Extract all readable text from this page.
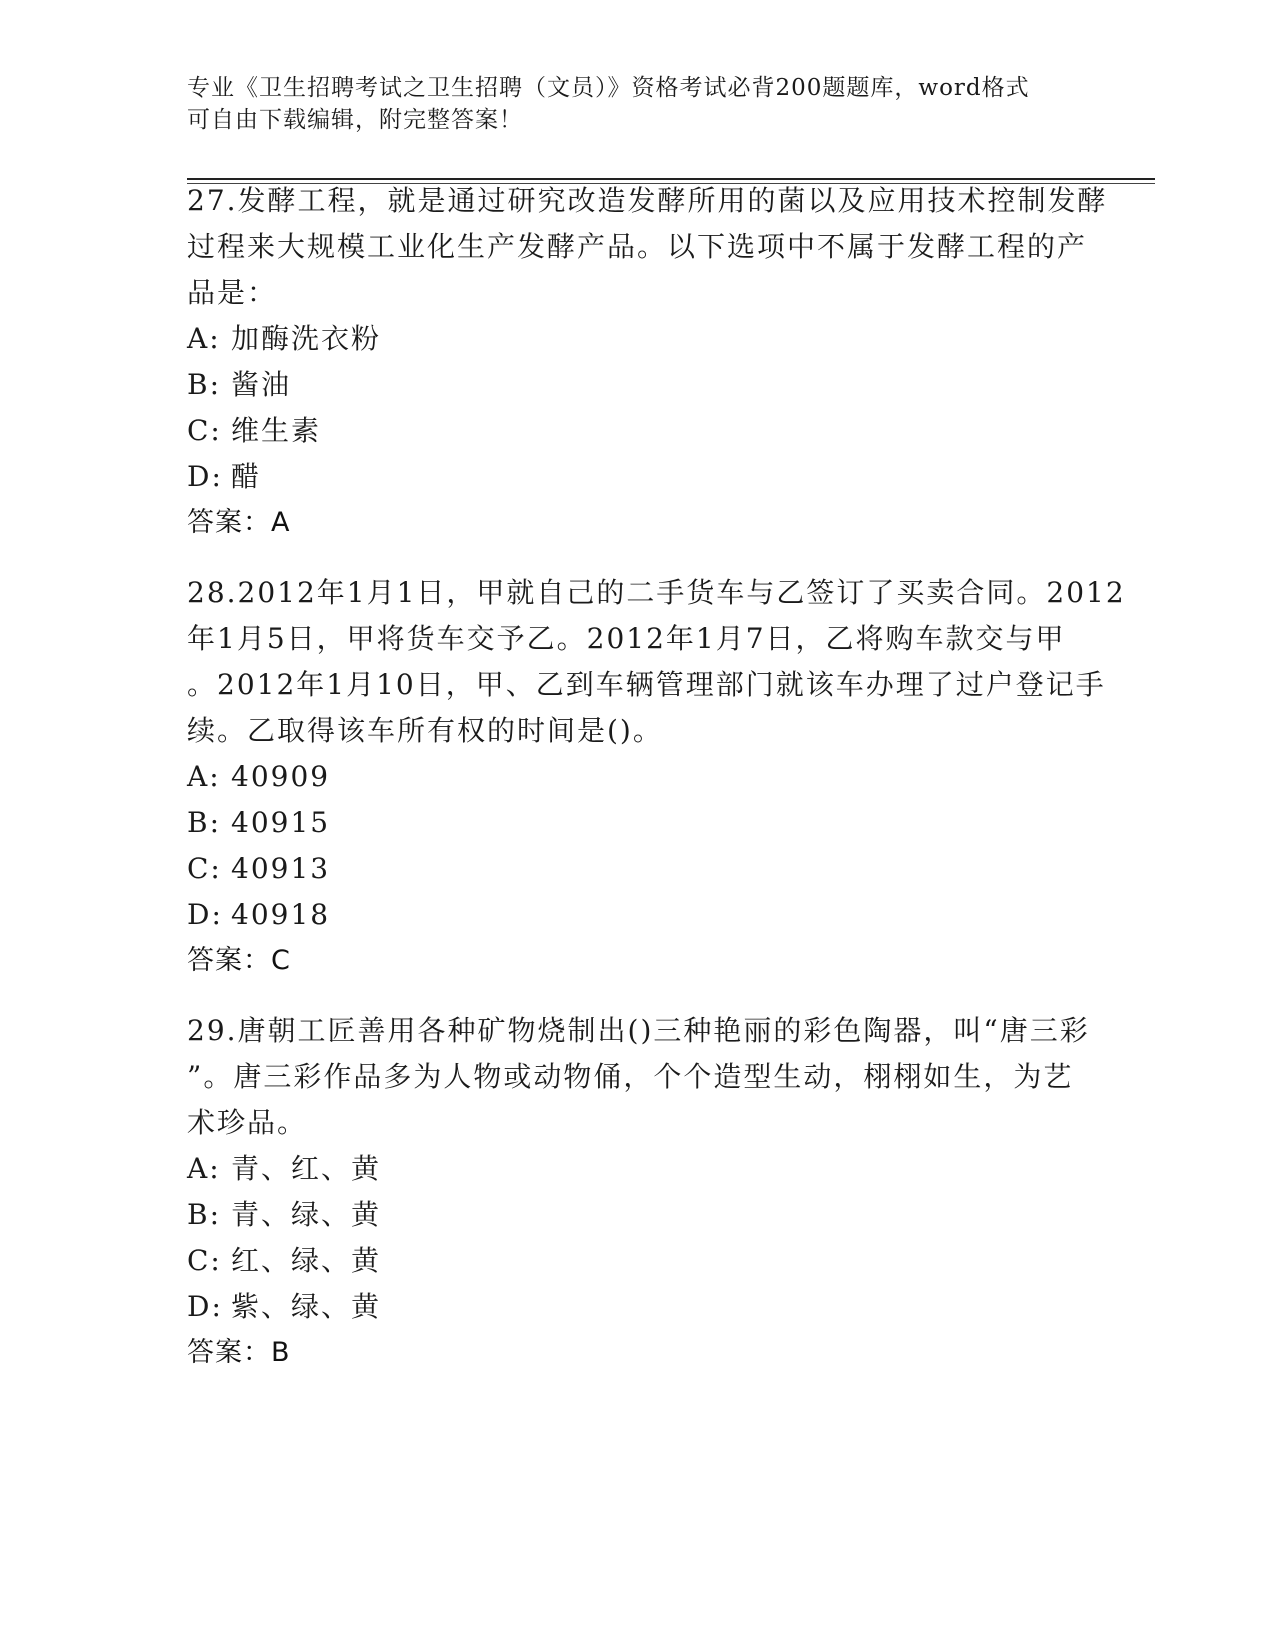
专业《卫生招聘考试之卫生招聘（文员）》资格考试必背200题题库，word格式
可自由下载编辑，附完整答案！
27.发酵工程，就是通过研究改造发酵所用的菌以及应用技术控制发酵
过程来大规模工业化生产发酵产品。以下选项中不属于发酵工程的产
品是：
A: 加酶洗衣粉
B: 酱油
C: 维生素
D: 醋
答案：A
28.2012年1月1日，甲就自己的二手货车与乙签订了买卖合同。2012
年1月5日，甲将货车交予乙。2012年1月7日，乙将购车款交与甲
。2012年1月10日，甲、乙到车辆管理部门就该车办理了过户登记手
续。乙取得该车所有权的时间是()。
A: 40909
B: 40915
C: 40913
D: 40918
答案：C
29.唐朝工匠善用各种矿物烧制出()三种艳丽的彩色陶器，叫“唐三彩
”。唐三彩作品多为人物或动物俑，个个造型生动，栩栩如生，为艺
术珍品。
A: 青、红、黄
B: 青、绿、黄
C: 红、绿、黄
D: 紫、绿、黄
答案：B
